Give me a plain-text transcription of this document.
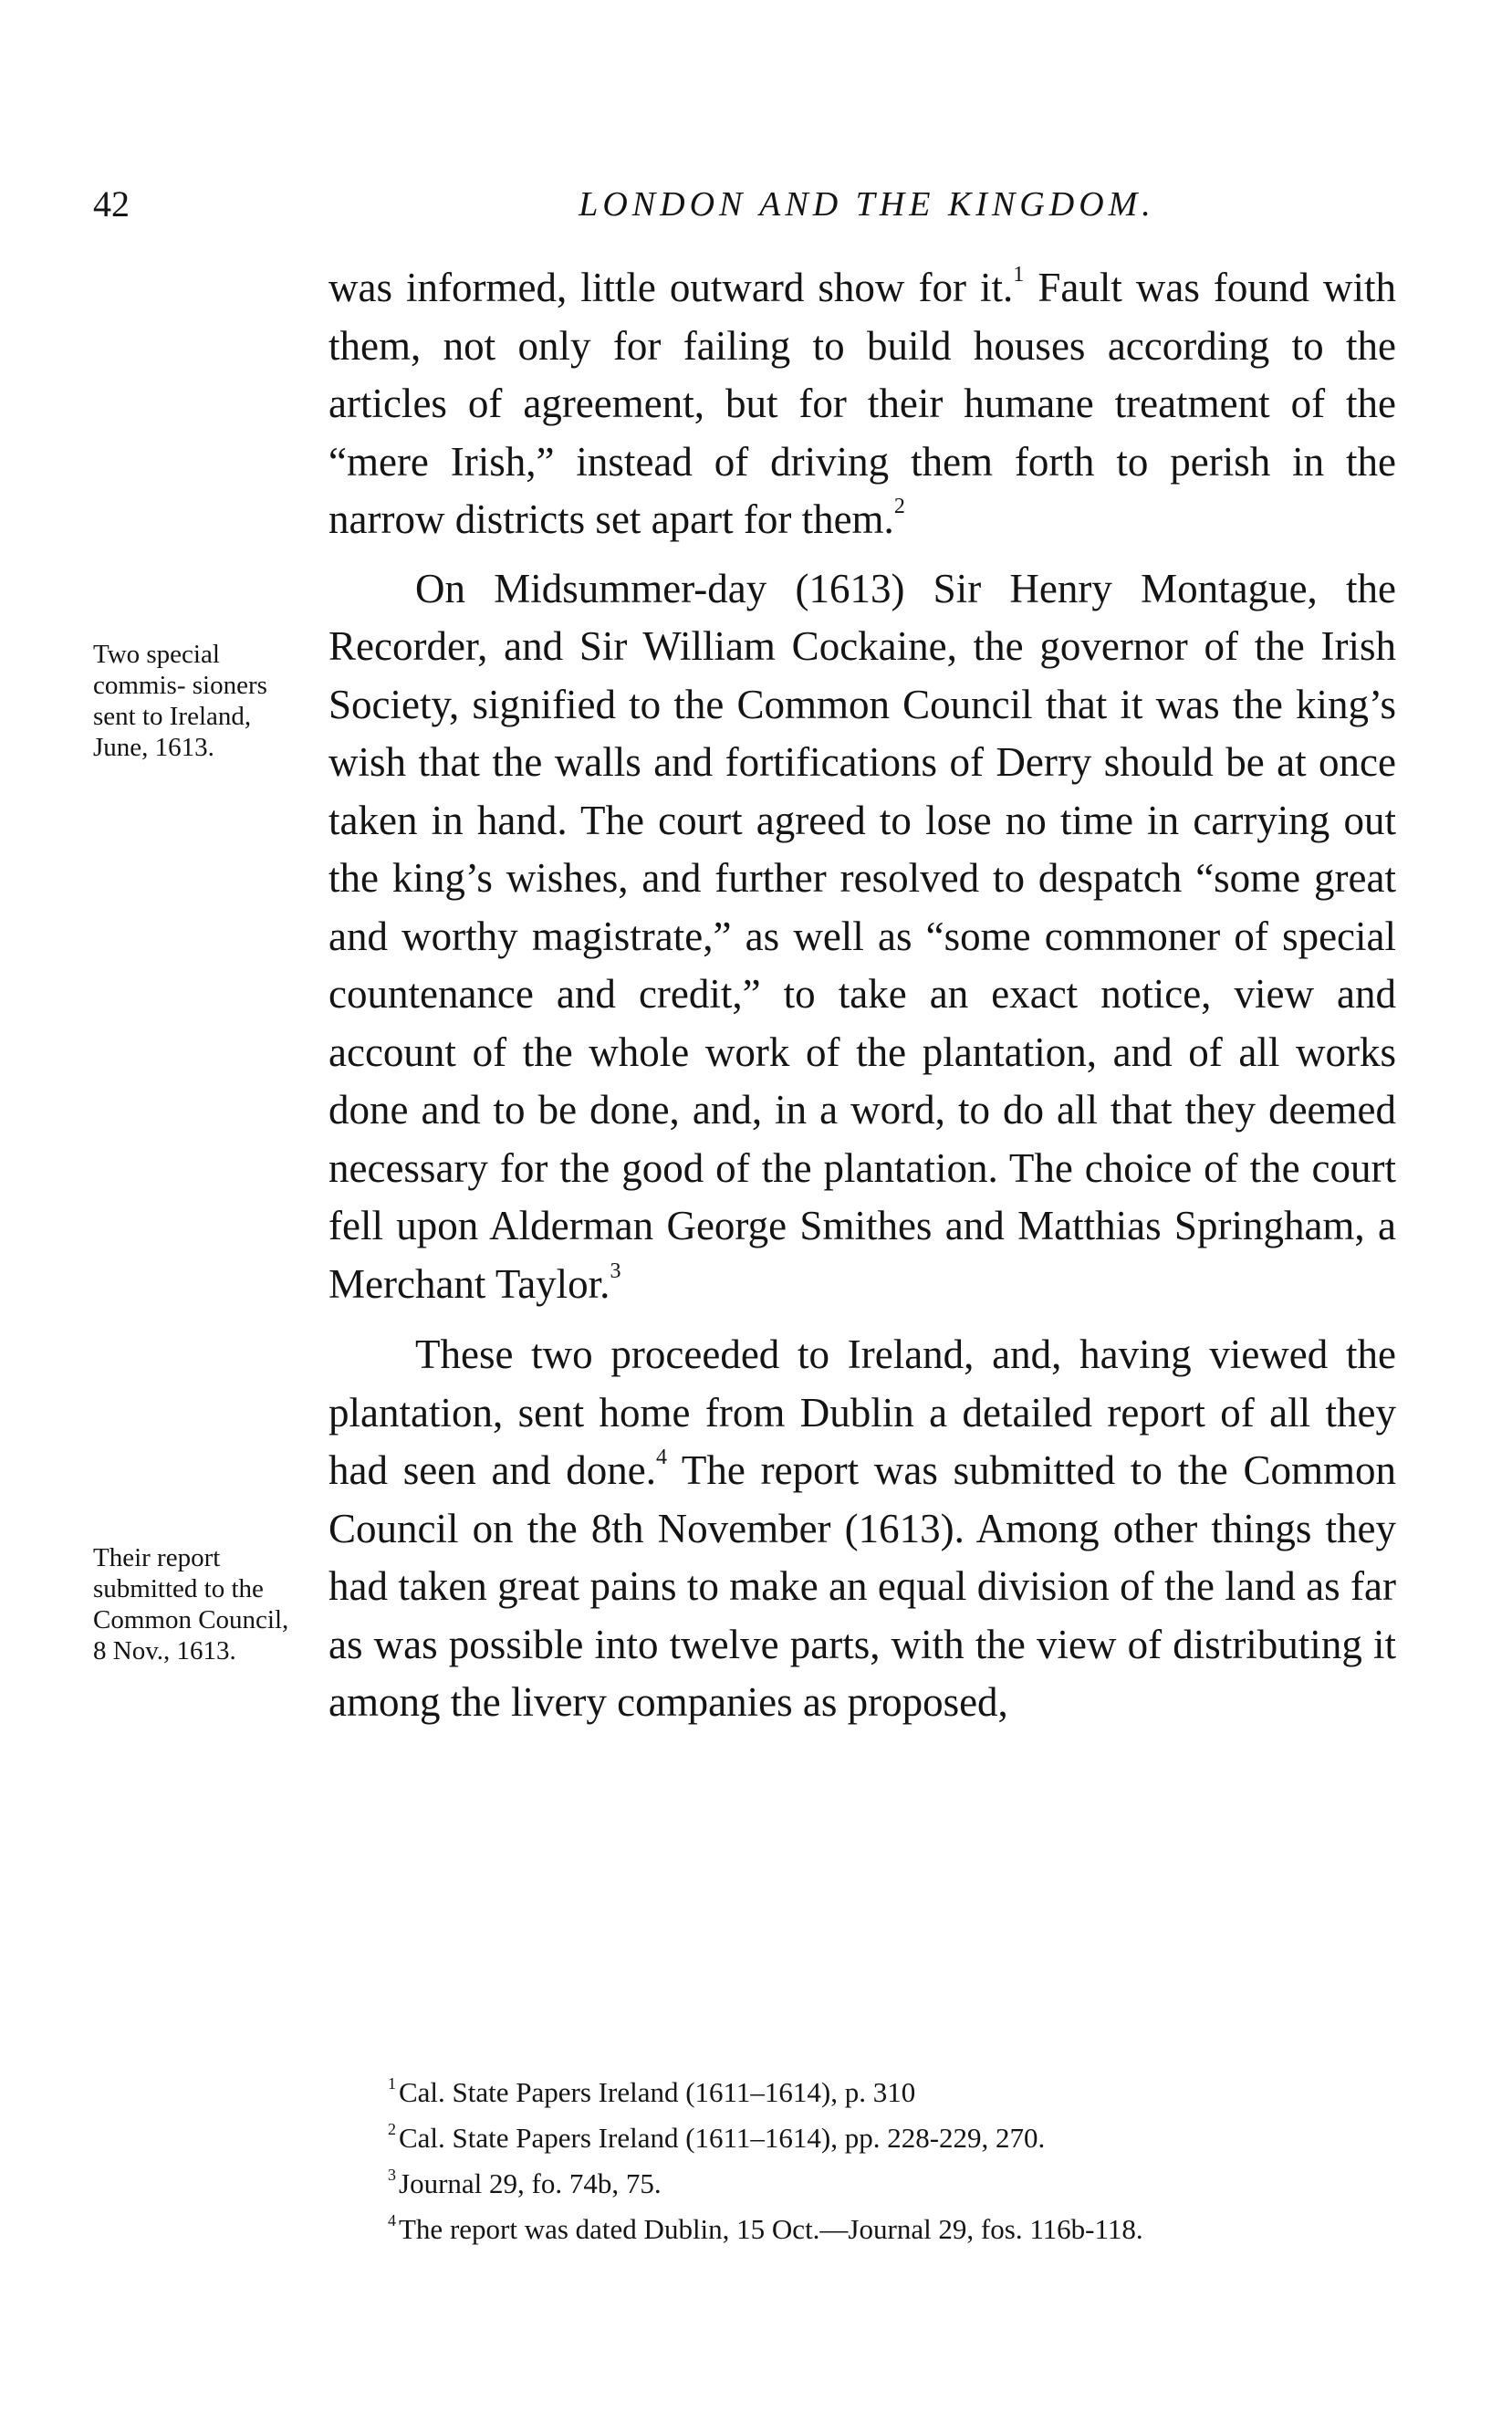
42	LONDON AND THE KINGDOM.
Two special commis- sioners sent to Ireland, June, 1613.
Their report submitted to the Common Council, 8 Nov., 1613.

was informed, little outward show for it.$^1$ Fault was found with them, not only for failing to build houses according to the articles of agreement, but for their humane treatment of the “mere Irish,” instead of driving them forth to perish in the narrow districts set apart for them.$^2$

On Midsummer-day (1613) Sir Henry Montague, the Recorder, and Sir William Cockaine, the governor of the Irish Society, signified to the Common Council that it was the king’s wish that the walls and fortifications of Derry should be at once taken in hand. The court agreed to lose no time in carrying out the king’s wishes, and further resolved to despatch “some great and worthy magistrate,” as well as “some commoner of special countenance and credit,” to take an exact notice, view and account of the whole work of the plantation, and of all works done and to be done, and, in a word, to do all that they deemed necessary for the good of the plantation. The choice of the court fell upon Alderman George Smithes and Matthias Springham, a Merchant Taylor.$^3$

These two proceeded to Ireland, and, having viewed the plantation, sent home from Dublin a detailed report of all they had seen and done.$^4$ The report was submitted to the Common Council on the 8th November (1613). Among other things they had taken great pains to make an equal division of the land as far as was possible into twelve parts, with the view of distributing it among the livery companies as proposed,

$^1$Cal. State Papers Ireland (1611–1614), p. 310
$^2$Cal. State Papers Ireland (1611–1614), pp. 228-229, 270.
$^3$Journal 29, fo. 74b, 75.
$^4$The report was dated Dublin, 15 Oct.—Journal 29, fos. 116b-118.
